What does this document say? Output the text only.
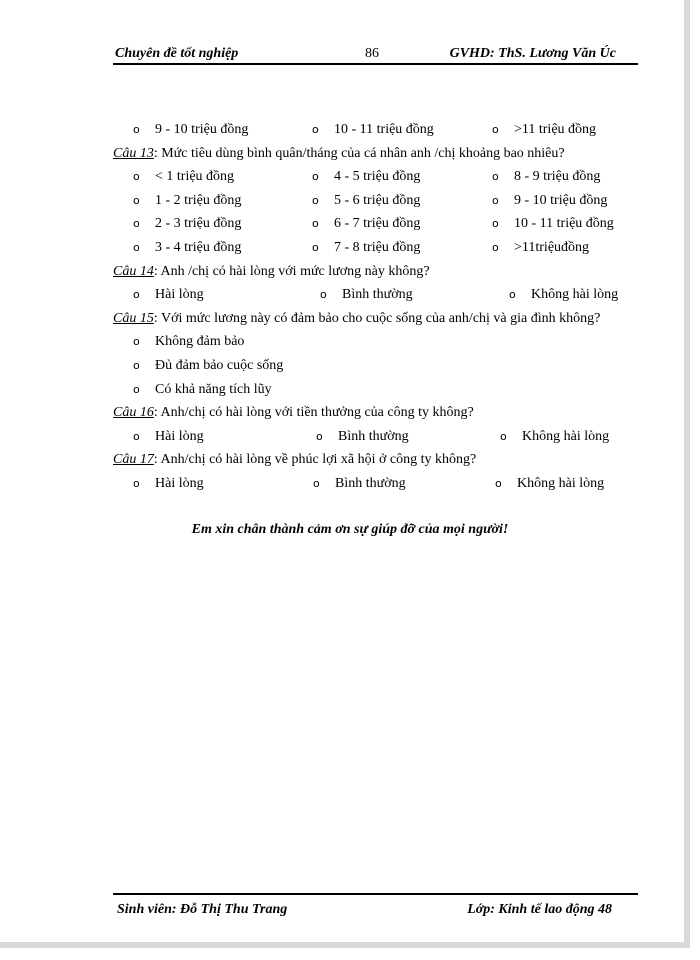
Chuyên đề tốt nghiệp	86	GVHD: ThS. Lương Văn Úc
o 9 - 10 triệu đồng	o 10 - 11 triệu đồng	o >11 triệu đồng
Câu 13: Mức tiêu dùng bình quân/tháng của cá nhân anh /chị khoảng bao nhiêu?
o < 1 triệu đồng	o 4 - 5 triệu đồng	o 8 - 9 triệu đồng
o 1 - 2 triệu đồng	o 5 - 6 triệu đồng	o 9 - 10 triệu đồng
o 2 - 3 triệu đồng	o 6 - 7 triệu đồng	o 10 - 11 triệu đồng
o 3 - 4 triệu đồng	o 7 - 8 triệu đồng	o >11triệuđồng
Câu 14: Anh /chị có hài lòng với mức lương này không?
o Hài lòng	o Bình thường	o Không hài lòng
Câu 15: Với mức lương này có đảm bảo cho cuộc sống của anh/chị và gia đình không?
o Không đảm bảo
o Đủ đảm bảo cuộc sống
o Có khả năng tích lũy
Câu 16: Anh/chị có hài lòng với tiền thưởng của công ty không?
o Hài lòng	o Bình thường	o Không hài lòng
Câu 17: Anh/chị có hài lòng về phúc lợi xã hội ở công ty không?
o Hài lòng	o Bình thường	o Không hài lòng
Em xin chân thành cảm ơn sự giúp đỡ của mọi người!
Sinh viên: Đỗ Thị Thu Trang	Lớp: Kinh tế lao động 48
